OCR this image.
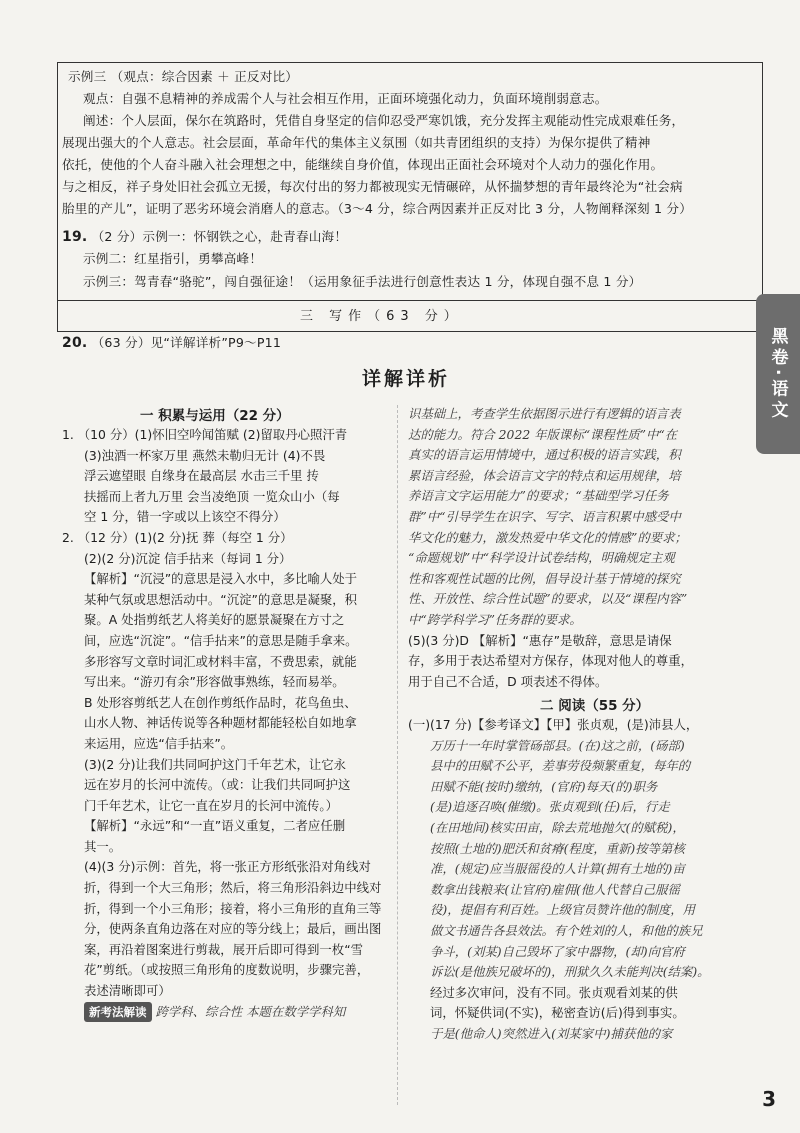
示例三 （观点：综合因素 ＋ 正反对比）
观点：自强不息精神的养成需个人与社会相互作用，正面环境强化动力，负面环境削弱意志。
阐述：个人层面，保尔在筑路时，凭借自身坚定的信仰忍受严寒饥饿，充分发挥主观能动性完成艰难任务，
展现出强大的个人意志。社会层面，革命年代的集体主义氛围（如共青团组织的支持）为保尔提供了精神
依托，使他的个人奋斗融入社会理想之中，能继续自身价值，体现出正面社会环境对个人动力的强化作用。
与之相反，祥子身处旧社会孤立无援，每次付出的努力都被现实无情碾碎，从怀揣梦想的青年最终沦为“社会病
胎里的产儿”，证明了恶劣环境会消磨人的意志。（3～4 分，综合两因素并正反对比 3 分，人物阐释深刻 1 分）
19. （2 分）示例一：怀钢铁之心，赴青春山海！
示例二：红星指引，勇攀高峰！
示例三：驾青春“骆驼”，闯自强征途！（运用象征手法进行创意性表达 1 分，体现自强不息 1 分）
三 写作（63 分）
20. （63 分）见“详解详析”P9～P11	黑卷·语文
详解详析
一 积累与运用（22 分）
1. （10 分）(1)怀旧空吟闻笛赋 (2)留取丹心照汗青
(3)浊酒一杯家万里 燕然未勒归无计 (4)不畏
浮云遮望眼 自缘身在最高层 水击三千里 抟
扶摇而上者九万里 会当凌绝顶 一览众山小（每
空 1 分，错一字或以上该空不得分）
2. （12 分）(1)(2 分)抚 葬（每空 1 分）
(2)(2 分)沉淀 信手拈来（每词 1 分）
【解析】“沉浸”的意思是浸入水中，多比喻人处于
某种气氛或思想活动中。“沉淀”的意思是凝聚，积
聚。A 处指剪纸艺人将美好的愿景凝聚在方寸之
间，应选“沉淀”。“信手拈来”的意思是随手拿来。
多形容写文章时词汇或材料丰富，不费思索，就能
写出来。“游刃有余”形容做事熟练，轻而易举。
B 处形容剪纸艺人在创作剪纸作品时，花鸟鱼虫、
山水人物、神话传说等各种题材都能轻松自如地拿
来运用，应选“信手拈来”。
(3)(2 分)让我们共同呵护这门千年艺术，让它永
远在岁月的长河中流传。（或：让我们共同呵护这
门千年艺术，让它一直在岁月的长河中流传。）
【解析】“永远”和“一直”语义重复，二者应任删
其一。
(4)(3 分)示例：首先，将一张正方形纸张沿对角线对
折，得到一个大三角形；然后，将三角形沿斜边中线对
折，得到一个小三角形；接着，将小三角形的直角三等
分，使两条直角边落在对应的等分线上；最后，画出图
案，再沿着图案进行剪裁，展开后即可得到一枚“雪
花”剪纸。（或按照三角形角的度数说明，步骤完善，
表述清晰即可）
新考法解读 跨学科、综合性 本题在数学学科知
识基础上，考查学生依据图示进行有逻辑的语言表
达的能力。符合 2022 年版课标“课程性质”中“在
真实的语言运用情境中，通过积极的语言实践，积
累语言经验，体会语言文字的特点和运用规律，培
养语言文字运用能力”的要求；“基础型学习任务
群”中“引导学生在识字、写字、语言积累中感受中
华文化的魅力，激发热爱中华文化的情感”的要求；
“命题规划”中“科学设计试卷结构，明确规定主观
性和客观性试题的比例，倡导设计基于情境的探究
性、开放性、综合性试题”的要求，以及“课程内容”
中“跨学科学习”任务群的要求。
(5)(3 分)D 【解析】“惠存”是敬辞，意思是请保
存，多用于表达希望对方保存，体现对他人的尊重，
用于自己不合适，D 项表述不得体。
二 阅读（55 分）
(一)(17 分)【参考译文】【甲】张贞观，(是)沛县人，
万历十一年时掌管砀部县。(在)这之前，(砀部)
县中的田赋不公平，差事劳役频繁重复，每年的
田赋不能(按时)缴纳，(官府)每天(的)职务
(是)追逐召唤(催缴)。张贞观到(任)后，行走
(在田地间)核实田亩，除去荒地抛欠(的赋税)，
按照(土地的)肥沃和贫瘠(程度，重新)按等第核
准，(规定)应当服徭役的人计算(拥有土地的)亩
数拿出钱粮来(让官府)雇佣(他人代替自己服徭
役)，提倡有利百姓。上级官员赞许他的制度，用
做文书通告各县效法。有个姓刘的人，和他的族兄
争斗，(刘某)自己毁坏了家中器物，(却)向官府
诉讼(是他族兄破坏的)，刑狱久久未能判决(结案)。
经过多次审问，没有不同。张贞观看刘某的供
词，怀疑供词(不实)，秘密查访(后)得到事实。
于是(他命人)突然进入(刘某家中)捕获他的家
3
